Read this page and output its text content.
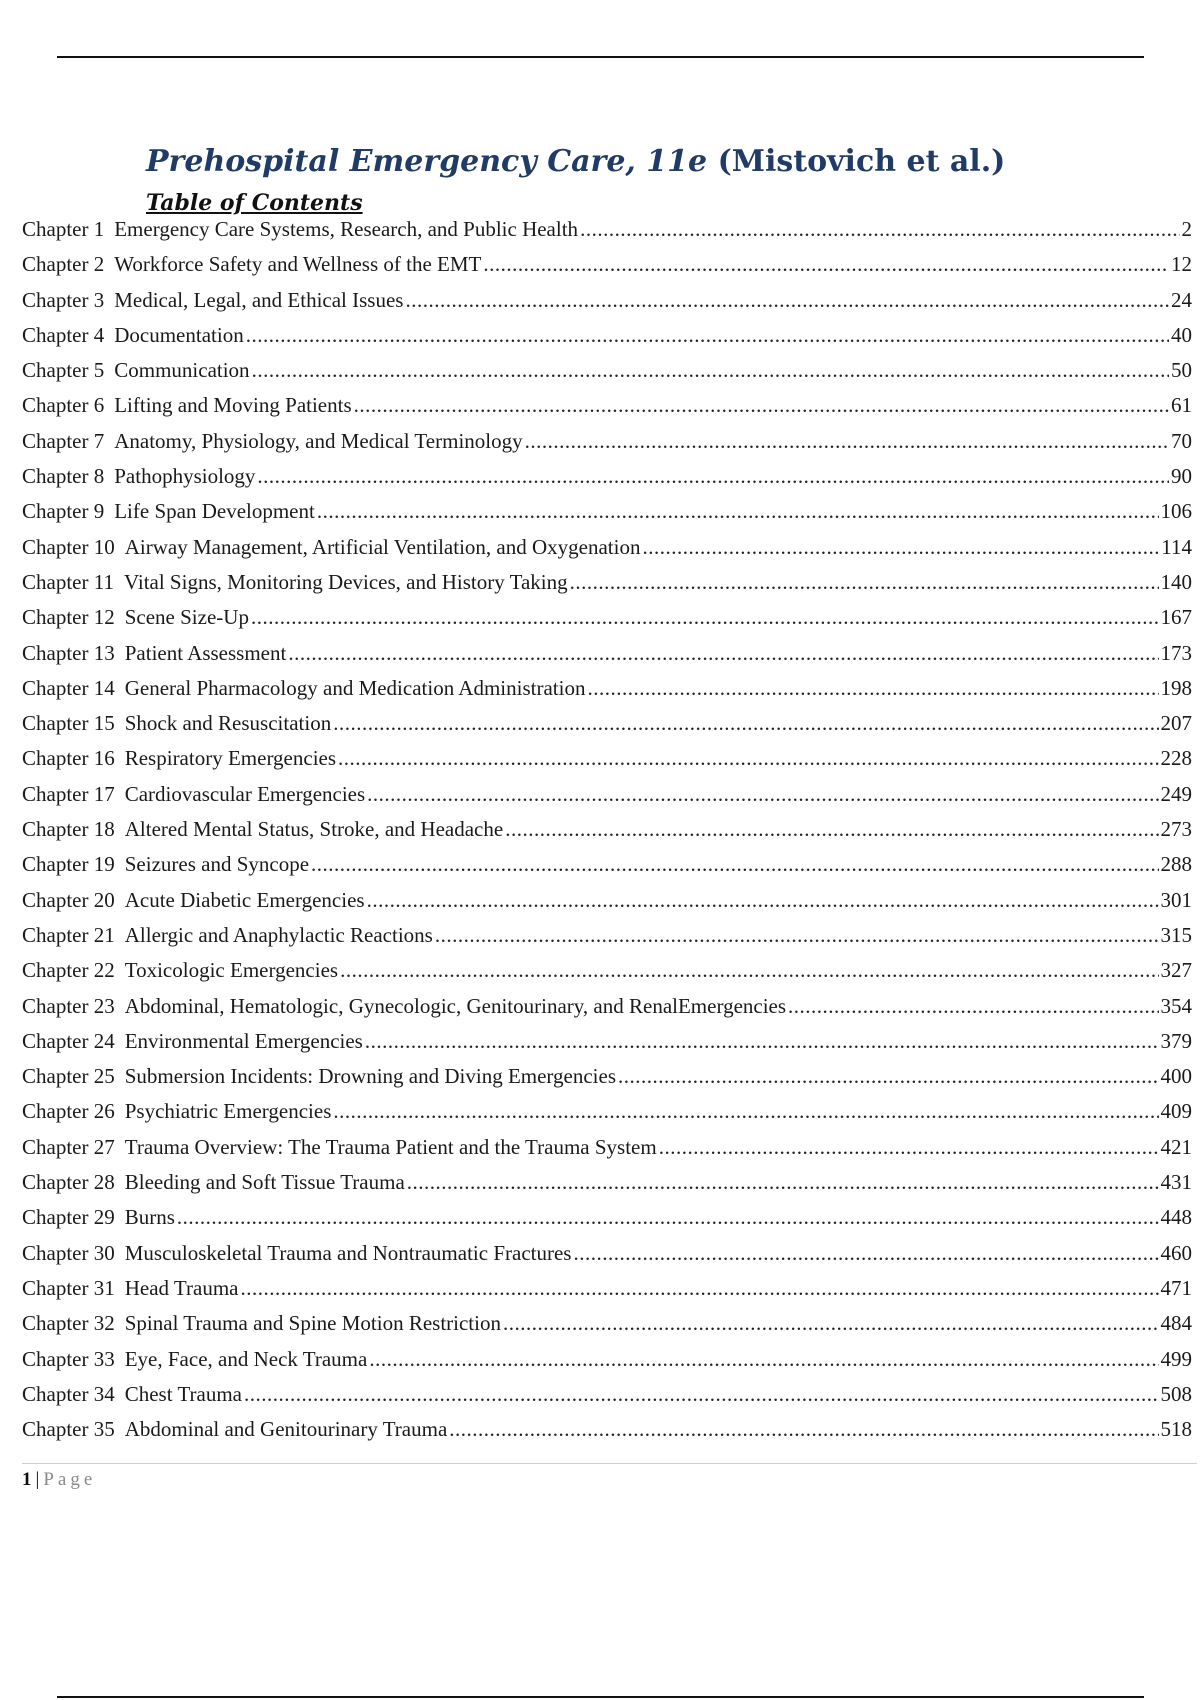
Prehospital Emergency Care, 11e (Mistovich et al.)
Table of Contents
Chapter 1 Emergency Care Systems, Research, and Public Health .....	2
Chapter 2 Workforce Safety and Wellness of the EMT .....	12
Chapter 3 Medical, Legal, and Ethical Issues .....	24
Chapter 4 Documentation .....	40
Chapter 5 Communication .....	50
Chapter 6 Lifting and Moving Patients .....	61
Chapter 7 Anatomy, Physiology, and Medical Terminology .....	70
Chapter 8 Pathophysiology .....	90
Chapter 9 Life Span Development .....	106
Chapter 10 Airway Management, Artificial Ventilation, and Oxygenation .....	114
Chapter 11 Vital Signs, Monitoring Devices, and History Taking .....	140
Chapter 12 Scene Size-Up .....	167
Chapter 13 Patient Assessment .....	173
Chapter 14 General Pharmacology and Medication Administration .....	198
Chapter 15 Shock and Resuscitation .....	207
Chapter 16 Respiratory Emergencies .....	228
Chapter 17 Cardiovascular Emergencies .....	249
Chapter 18 Altered Mental Status, Stroke, and Headache .....	273
Chapter 19 Seizures and Syncope .....	288
Chapter 20 Acute Diabetic Emergencies .....	301
Chapter 21 Allergic and Anaphylactic Reactions .....	315
Chapter 22 Toxicologic Emergencies .....	327
Chapter 23 Abdominal, Hematologic, Gynecologic, Genitourinary, and RenalEmergencies .....	354
Chapter 24 Environmental Emergencies .....	379
Chapter 25 Submersion Incidents: Drowning and Diving Emergencies .....	400
Chapter 26 Psychiatric Emergencies .....	409
Chapter 27 Trauma Overview: The Trauma Patient and the Trauma System .....	421
Chapter 28 Bleeding and Soft Tissue Trauma .....	431
Chapter 29 Burns .....	448
Chapter 30 Musculoskeletal Trauma and Nontraumatic Fractures .....	460
Chapter 31 Head Trauma .....	471
Chapter 32 Spinal Trauma and Spine Motion Restriction .....	484
Chapter 33 Eye, Face, and Neck Trauma .....	499
Chapter 34 Chest Trauma .....	508
Chapter 35 Abdominal and Genitourinary Trauma .....	518
1 | Page
